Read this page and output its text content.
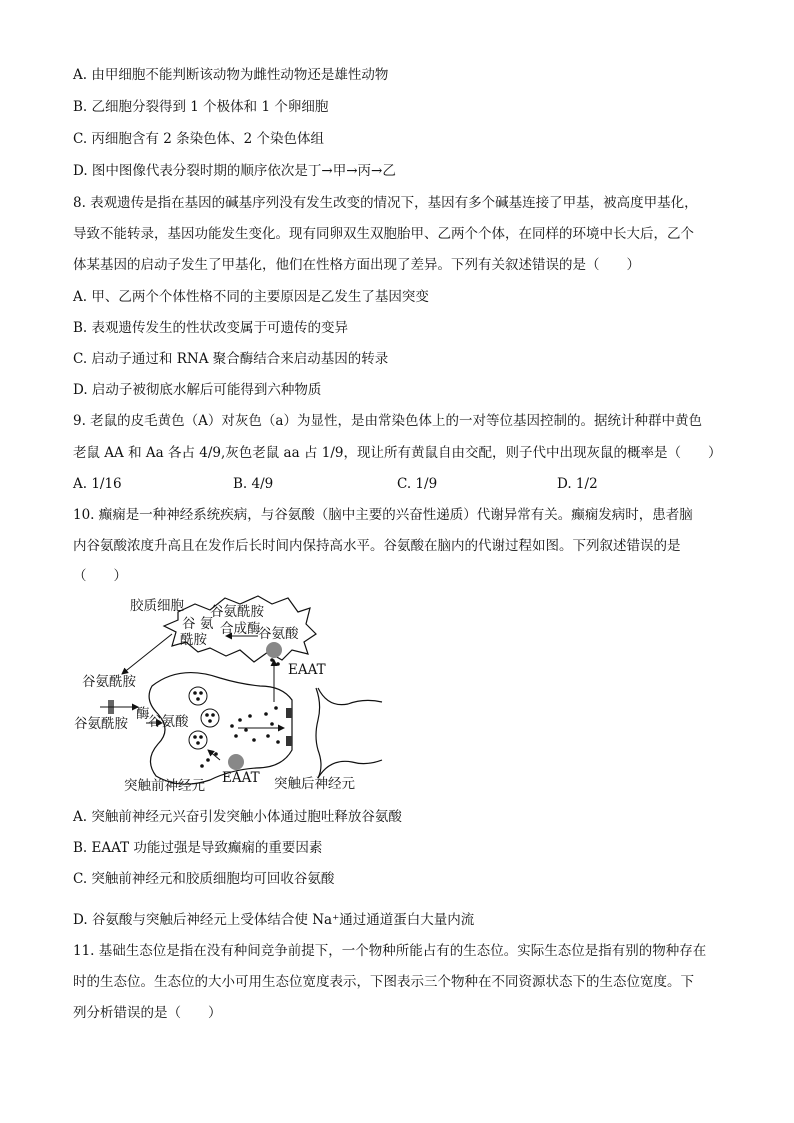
A. 由甲细胞不能判断该动物为雌性动物还是雄性动物
B. 乙细胞分裂得到 1 个极体和 1 个卵细胞
C. 丙细胞含有 2 条染色体、2 个染色体组
D. 图中图像代表分裂时期的顺序依次是丁→甲→丙→乙
8. 表观遗传是指在基因的碱基序列没有发生改变的情况下，基因有多个碱基连接了甲基，被高度甲基化，
导致不能转录，基因功能发生变化。现有同卵双生双胞胎甲、乙两个个体，在同样的环境中长大后，乙个
体某基因的启动子发生了甲基化，他们在性格方面出现了差异。下列有关叙述错误的是（　　）
A. 甲、乙两个个体性格不同的主要原因是乙发生了基因突变
B. 表观遗传发生的性状改变属于可遗传的变异
C. 启动子通过和 RNA 聚合酶结合来启动基因的转录
D. 启动子被彻底水解后可能得到六种物质
9. 老鼠的皮毛黄色（A）对灰色（a）为显性，是由常染色体上的一对等位基因控制的。据统计种群中黄色
老鼠 AA 和 Aa 各占 4/9,灰色老鼠 aa 占 1/9，现让所有黄鼠自由交配，则子代中出现灰鼠的概率是（　　）
A. 1/16	B. 4/9	C. 1/9	D. 1/2
10. 癫痫是一种神经系统疾病，与谷氨酸（脑中主要的兴奋性递质）代谢异常有关。癫痫发病时，患者脑
内谷氨酸浓度升高且在发作后长时间内保持高水平。谷氨酸在脑内的代谢过程如图。下列叙述错误的是
（　　）
胶质细胞 谷氨酰胺
谷 氨 合成酶
酰胺	谷氨酸
EAAT
谷氨酰胺
谷氨酰胺
酶
谷氨酸
EAAT
突触前神经元	突触后神经元
A. 突触前神经元兴奋引发突触小体通过胞吐释放谷氨酸
B. EAAT 功能过强是导致癫痫的重要因素
C. 突触前神经元和胶质细胞均可回收谷氨酸
D. 谷氨酸与突触后神经元上受体结合使 Na⁺通过通道蛋白大量内流
11. 基础生态位是指在没有种间竞争前提下，一个物种所能占有的生态位。实际生态位是指有别的物种存在
时的生态位。生态位的大小可用生态位宽度表示，下图表示三个物种在不同资源状态下的生态位宽度。下
列分析错误的是（　　）
